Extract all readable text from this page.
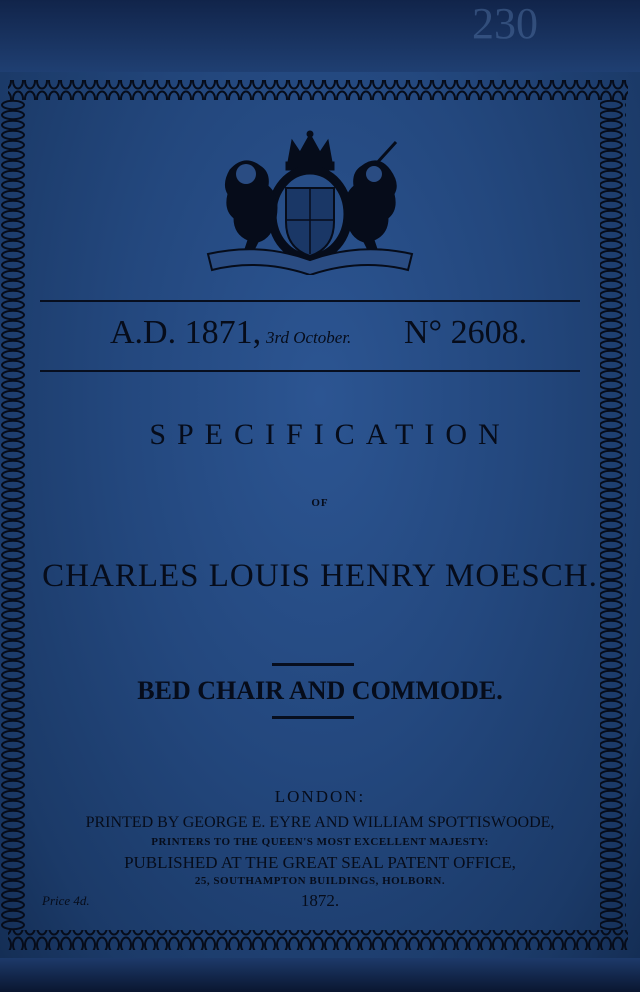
230
A.D. 1871, 3rd October. N° 2608.
SPECIFICATION
OF
CHARLES LOUIS HENRY MOESCH.
BED CHAIR AND COMMODE.
LONDON:
PRINTED BY GEORGE E. EYRE AND WILLIAM SPOTTISWOODE,
PRINTERS TO THE QUEEN'S MOST EXCELLENT MAJESTY:
PUBLISHED AT THE GREAT SEAL PATENT OFFICE,
25, SOUTHAMPTON BUILDINGS, HOLBORN.
1872.
Price 4d.
